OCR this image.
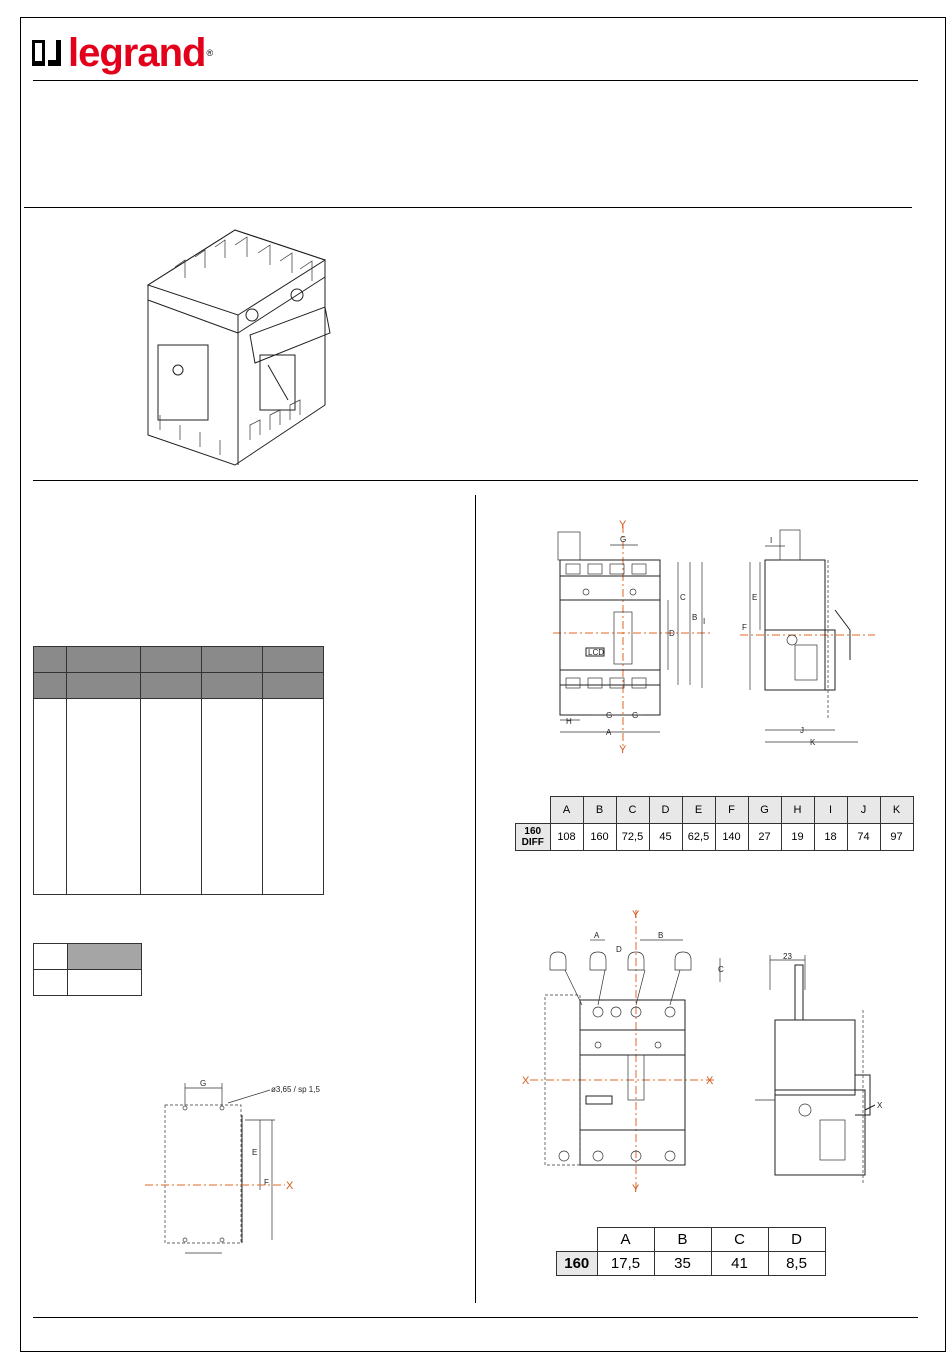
legrand ®

G
ø3,65 / sp 1,5
E
F X
Y
Y
LCD
G
A
G G
H
C
B I
D
F
E
J
K
I
	A	B	C	D	E	F	G	H	I	J	K
160 DIFF	108	160	72,5	45	62,5	140	27	19	18	74	97
Y
Y
X	X
A	B
D
C
23
X
	A	B	C	D
160	17,5	35	41	8,5
